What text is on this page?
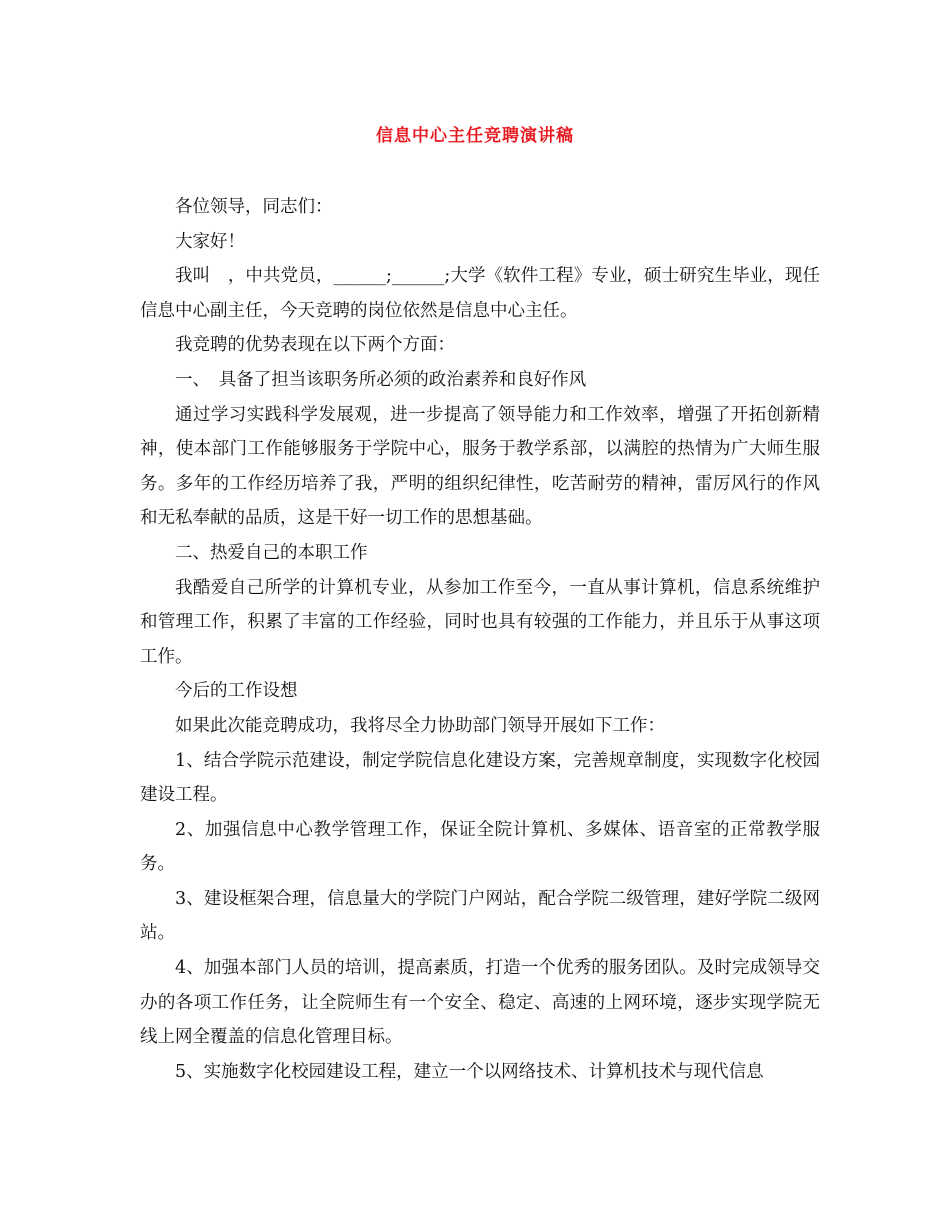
信息中心主任竞聘演讲稿

各位领导，同志们：

大家好！

我叫　，中共党员，______;______;大学《软件工程》专业，硕士研究生毕业，现任信息中心副主任，今天竞聘的岗位依然是信息中心主任。

我竞聘的优势表现在以下两个方面：

一、　具备了担当该职务所必须的政治素养和良好作风

通过学习实践科学发展观，进一步提高了领导能力和工作效率，增强了开拓创新精神，使本部门工作能够服务于学院中心，服务于教学系部，以满腔的热情为广大师生服务。多年的工作经历培养了我，严明的组织纪律性，吃苦耐劳的精神，雷厉风行的作风和无私奉献的品质，这是干好一切工作的思想基础。

二、热爱自己的本职工作

我酷爱自己所学的计算机专业，从参加工作至今，一直从事计算机，信息系统维护和管理工作，积累了丰富的工作经验，同时也具有较强的工作能力，并且乐于从事这项工作。

今后的工作设想

如果此次能竞聘成功，我将尽全力协助部门领导开展如下工作：

1、结合学院示范建设，制定学院信息化建设方案，完善规章制度，实现数字化校园建设工程。

2、加强信息中心教学管理工作，保证全院计算机、多媒体、语音室的正常教学服务。

3、建设框架合理，信息量大的学院门户网站，配合学院二级管理，建好学院二级网站。

4、加强本部门人员的培训，提高素质，打造一个优秀的服务团队。及时完成领导交办的各项工作任务，让全院师生有一个安全、稳定、高速的上网环境，逐步实现学院无线上网全覆盖的信息化管理目标。

5、实施数字化校园建设工程，建立一个以网络技术、计算机技术与现代信息
